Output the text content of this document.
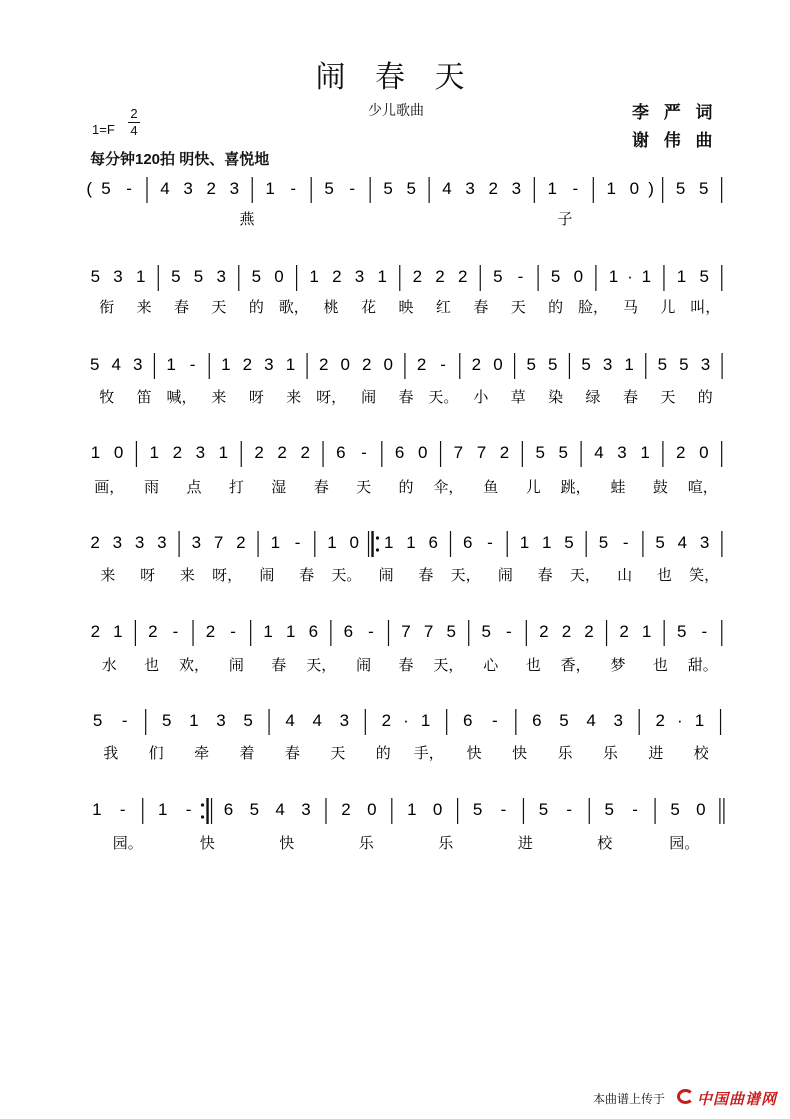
闹 春 天
少儿歌曲	李 严 词
谢 伟 曲
1=F
2
4
每分钟120拍 明快、喜悦地
( 5 - 4 3 2 3 1 - 5 - 5 5 4 3 2 3 1 - 1 0 ) 5 5
燕	子
5 3 1 5 5 3 5 0 1 2 3 1 2 2 2 5 - 5 0 1 · 1 1 5
衔 来 春 天 的 歌， 桃 花 映 红 春 天 的 脸， 马 儿 叫，
5 4 3 1 - 1 2 3 1 2 0 2 0 2 - 2 0 5 5 5 3 1 5 5 3
牧 笛 喊， 来 呀 来 呀， 闹 春 天。 小 草 染 绿 春 天 的
1 0 1 2 3 1 2 2 2 6 - 6 0 7 7 2 5 5 4 3 1 2 0
画， 雨 点 打 湿 春 天 的 伞， 鱼 儿 跳， 蛙 鼓 喧，
2 3 3 3 3 7 2 1 - 1 0 1 1 6 6 - 1 1 5 5 - 5 4 3
来 呀 来 呀， 闹 春 天。 闹 春 天， 闹 春 天， 山 也 笑，
2 1 2 - 2 - 1 1 6 6 - 7 7 5 5 - 2 2 2 2 1 5 -
水 也 欢， 闹 春 天， 闹 春 天， 心 也 香， 梦 也 甜。
5 - 5 1 3 5 4 4 3 2 · 1 6 - 6 5 4 3 2 · 1
我 们 牵 着 春 天 的 手， 快 快 乐 乐 进 校
1 - 1 - 6 5 4 3 2 0 1 0 5 - 5 - 5 - 5 0
园。	快	快	乐	乐	进	校	园。
本曲谱上传于 中国曲谱网
